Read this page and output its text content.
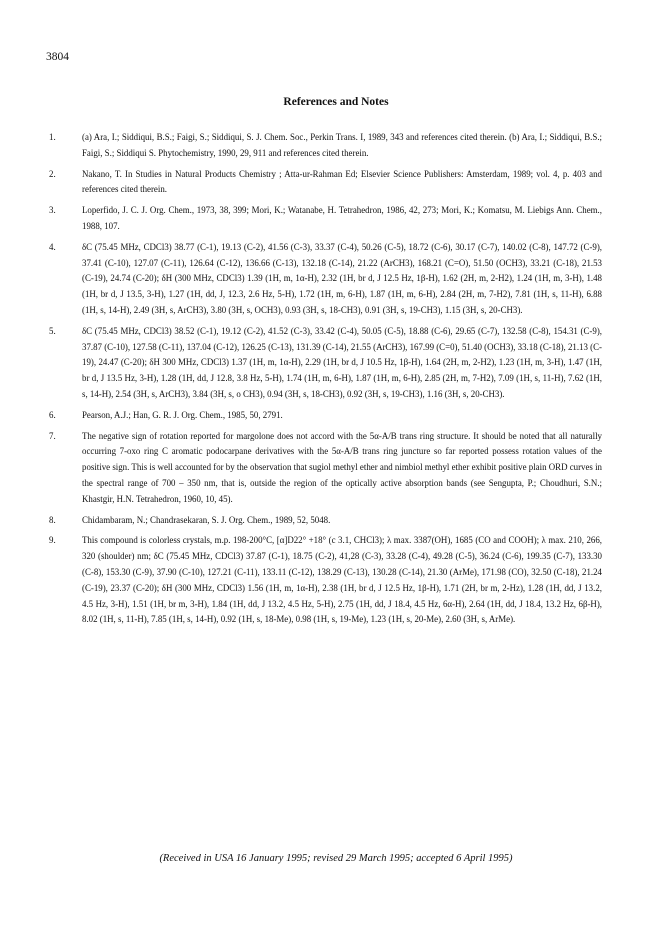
3804
References and Notes
1.	(a) Ara, I.; Siddiqui, B.S.; Faigi, S.; Siddiqui, S. J. Chem. Soc., Perkin Trans. I, 1989, 343 and references cited therein. (b) Ara, I.; Siddiqui, B.S.; Faigi, S.; Siddiqui S. Phytochemistry, 1990, 29, 911 and references cited therein.
2.	Nakano, T. In Studies in Natural Products Chemistry ; Atta-ur-Rahman Ed; Elsevier Science Publishers: Amsterdam, 1989; vol. 4, p. 403 and references cited therein.
3.	Loperfido, J. C. J. Org. Chem., 1973, 38, 399; Mori, K.; Watanabe, H. Tetrahedron, 1986, 42, 273; Mori, K.; Komatsu, M. Liebigs Ann. Chem., 1988, 107.
4.	δC (75.45 MHz, CDCl3) 38.77 (C-1), 19.13 (C-2), 41.56 (C-3), 33.37 (C-4), 50.26 (C-5), 18.72 (C-6), 30.17 (C-7), 140.02 (C-8), 147.72 (C-9), 37.41 (C-10), 127.07 (C-11), 126.64 (C-12), 136.66 (C-13), 132.18 (C-14), 21.22 (ArCH3), 168.21 (C=O), 51.50 (OCH3), 33.21 (C-18), 21.53 (C-19), 24.74 (C-20); δH (300 MHz, CDCl3) 1.39 (1H, m, 1α-H), 2.32 (1H, br d, J 12.5 Hz, 1β-H), 1.62 (2H, m, 2-H2), 1.24 (1H, m, 3-H), 1.48 (1H, br d, J 13.5, 3-H), 1.27 (1H, dd, J, 12.3, 2.6 Hz, 5-H), 1.72 (1H, m, 6-H), 1.87 (1H, m, 6-H), 2.84 (2H, m, 7-H2), 7.81 (1H, s, 11-H), 6.88 (1H, s, 14-H), 2.49 (3H, s, ArCH3), 3.80 (3H, s, OCH3), 0.93 (3H, s, 18-CH3), 0.91 (3H, s, 19-CH3), 1.15 (3H, s, 20-CH3).
5.	δC (75.45 MHz, CDCl3) 38.52 (C-1), 19.12 (C-2), 41.52 (C-3), 33.42 (C-4), 50.05 (C-5), 18.88 (C-6), 29.65 (C-7), 132.58 (C-8), 154.31 (C-9), 37.87 (C-10), 127.58 (C-11), 137.04 (C-12), 126.25 (C-13), 131.39 (C-14), 21.55 (ArCH3), 167.99 (C=0), 51.40 (OCH3), 33.18 (C-18), 21.13 (C-19), 24.47 (C-20); δH 300 MHz, CDCl3) 1.37 (1H, m, 1α-H), 2.29 (1H, br d, J 10.5 Hz, 1β-H), 1.64 (2H, m, 2-H2), 1.23 (1H, m, 3-H), 1.47 (1H, br d, J 13.5 Hz, 3-H), 1.28 (1H, dd, J 12.8, 3.8 Hz, 5-H), 1.74 (1H, m, 6-H), 1.87 (1H, m, 6-H), 2.85 (2H, m, 7-H2), 7.09 (1H, s, 11-H), 7.62 (1H, s, 14-H), 2.54 (3H, s, ArCH3), 3.84 (3H, s, o CH3), 0.94 (3H, s, 18-CH3), 0.92 (3H, s, 19-CH3), 1.16 (3H, s, 20-CH3).
6.	Pearson, A.J.; Han, G. R. J. Org. Chem., 1985, 50, 2791.
7.	The negative sign of rotation reported for margolone does not accord with the 5α-A/B trans ring structure. It should be noted that all naturally occurring 7-oxo ring C aromatic podocarpane derivatives with the 5α-A/B trans ring juncture so far reported possess rotation values of the positive sign. This is well accounted for by the observation that sugiol methyl ether and nimbiol methyl ether exhibit positive plain ORD curves in the spectral range of 700 – 350 nm, that is, outside the region of the optically active absorption bands (see Sengupta, P.; Choudhuri, S.N.; Khastgir, H.N. Tetrahedron, 1960, 10, 45).
8.	Chidambaram, N.; Chandrasekaran, S. J. Org. Chem., 1989, 52, 5048.
9.	This compound is colorless crystals, m.p. 198-200°C, [α]D22° +18° (c 3.1, CHCl3); λ max. 3387(OH), 1685 (CO and COOH); λ max. 210, 266, 320 (shoulder) nm; δC (75.45 MHz, CDCl3) 37.87 (C-1), 18.75 (C-2), 41,28 (C-3), 33.28 (C-4), 49.28 (C-5), 36.24 (C-6), 199.35 (C-7), 133.30 (C-8), 153.30 (C-9), 37.90 (C-10), 127.21 (C-11), 133.11 (C-12), 138.29 (C-13), 130.28 (C-14), 21.30 (ArMe), 171.98 (CO), 32.50 (C-18), 21.24 (C-19), 23.37 (C-20); δH (300 MHz, CDCl3) 1.56 (1H, m, 1α-H), 2.38 (1H, br d, J 12.5 Hz, 1β-H), 1.71 (2H, br m, 2-Hz), 1.28 (1H, dd, J 13.2, 4.5 Hz, 3-H), 1.51 (1H, br m, 3-H), 1.84 (1H, dd, J 13.2, 4.5 Hz, 5-H), 2.75 (1H, dd, J 18.4, 4.5 Hz, 6α-H), 2.64 (1H, dd, J 18.4, 13.2 Hz, 6β-H), 8.02 (1H, s, 11-H), 7.85 (1H, s, 14-H), 0.92 (1H, s, 18-Me), 0.98 (1H, s, 19-Me), 1.23 (1H, s, 20-Me), 2.60 (3H, s, ArMe).
(Received in USA 16 January 1995; revised 29 March 1995; accepted 6 April 1995)
